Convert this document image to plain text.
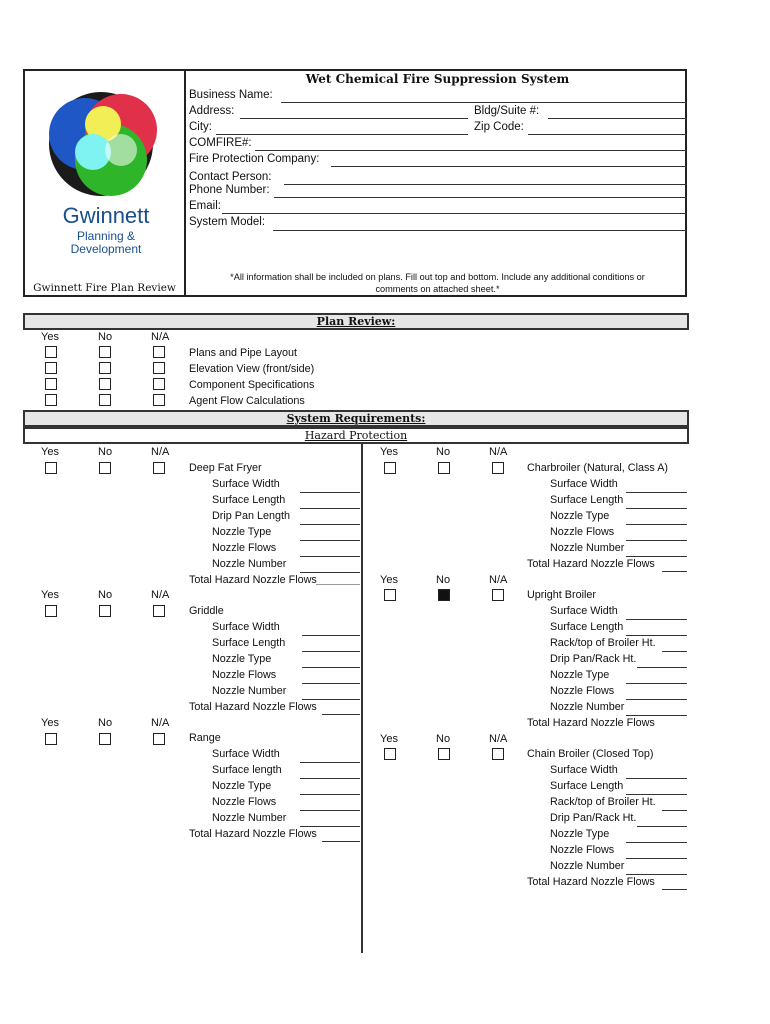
Gwinnett
Planning &
Development
Gwinnett Fire Plan Review
Wet Chemical Fire Suppression System
Business Name:
Address:	Bldg/Suite #:
City:	Zip Code:
COMFIRE#:
Fire Protection Company:
Contact Person:
Phone Number:
Email:
System Model:
*All information shall be included on plans. Fill out top and bottom. Include any additional conditions or
comments on attached sheet.*
Plan Review:
Yes	No	N/A
Plans and Pipe Layout
Elevation View (front/side)
Component Specifications
Agent Flow Calculations
System Requirements:
Hazard Protection
Yes	No	N/A
Deep Fat Fryer
Surface Width
Surface Length
Drip Pan Length
Nozzle Type
Nozzle Flows
Nozzle Number
Total Hazard Nozzle Flows
Yes	No	N/A
Griddle
Surface Width
Surface Length
Nozzle Type
Nozzle Flows
Nozzle Number
Total Hazard Nozzle Flows
Yes	No	N/A
Range
Surface Width
Surface length
Nozzle Type
Nozzle Flows
Nozzle Number
Total Hazard Nozzle Flows
Yes	No	N/A
Charbroiler (Natural, Class A)
Surface Width
Surface Length
Nozzle Type
Nozzle Flows
Nozzle Number
Total Hazard Nozzle Flows
Yes	No	N/A
Upright Broiler
Surface Width
Surface Length
Rack/top of Broiler Ht.
Drip Pan/Rack Ht.
Nozzle Type
Nozzle Flows
Nozzle Number
Total Hazard Nozzle Flows
Yes	No	N/A
Chain Broiler (Closed Top)
Surface Width
Surface Length
Rack/top of Broiler Ht.
Drip Pan/Rack Ht.
Nozzle Type
Nozzle Flows
Nozzle Number
Total Hazard Nozzle Flows
